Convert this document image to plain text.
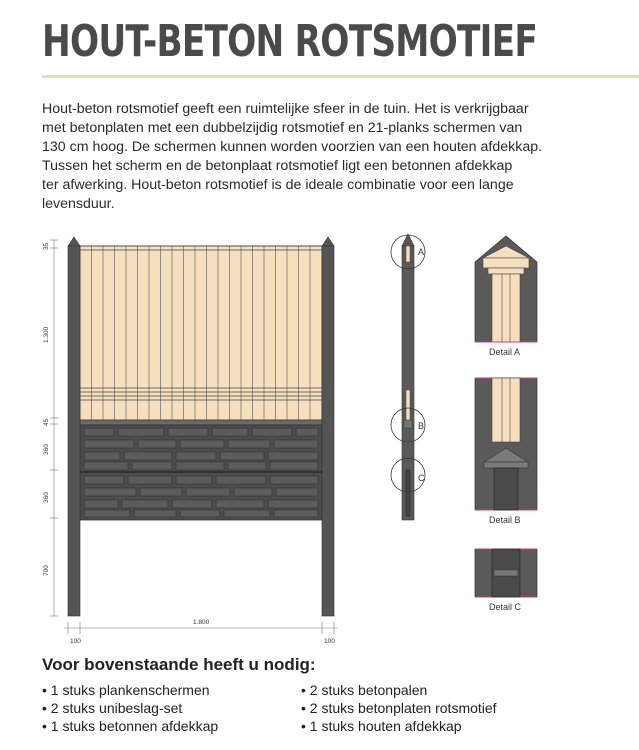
HOUT-BETON ROTSMOTIEF
Hout-beton rotsmotief geeft een ruimtelijke sfeer in de tuin. Het is verkrijgbaar
met betonplaten met een dubbelzijdig rotsmotief en 21-planks schermen van
130 cm hoog. De schermen kunnen worden voorzien van een houten afdekkap.
Tussen het scherm en de betonplaat rotsmotief ligt een betonnen afdekkap
ter afwerking. Hout-beton rotsmotief is de ideale combinatie voor een lange
levensduur.
35
1.300
45
360
360
700
100
1.800
100
A
B
C
Detail A
Detail B
Detail C
Voor bovenstaande heeft u nodig:
• 1 stuks plankenschermen
• 2 stuks unibeslag-set
• 1 stuks betonnen afdekkap
• 2 stuks betonpalen
• 2 stuks betonplaten rotsmotief
• 1 stuks houten afdekkap
